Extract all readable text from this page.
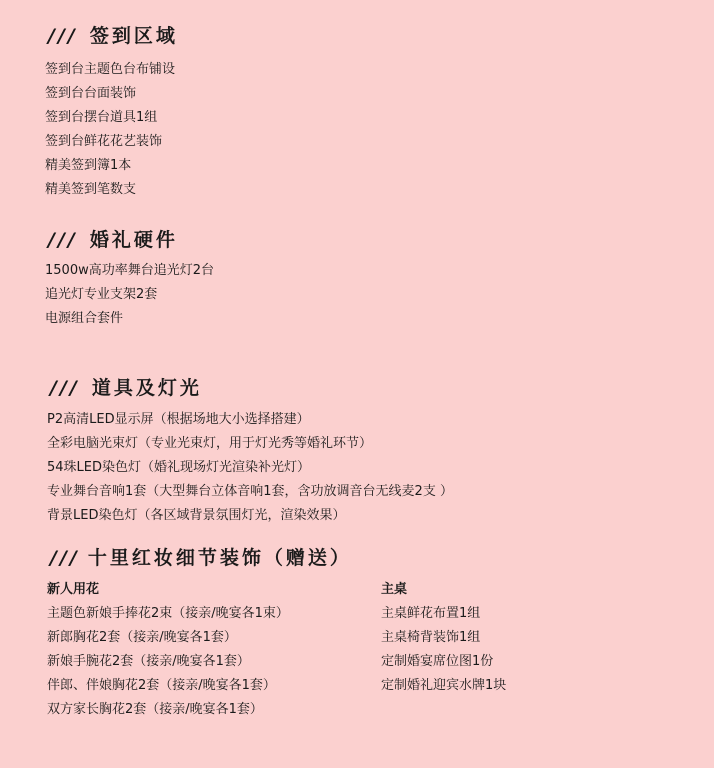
/// 签到区域
签到台主题色台布铺设
签到台台面装饰
签到台摆台道具1组
签到台鲜花花艺装饰
精美签到簿1本
精美签到笔数支
/// 婚礼硬件
1500w高功率舞台追光灯2台
追光灯专业支架2套
电源组合套件
/// 道具及灯光
P2高清LED显示屏（根据场地大小选择搭建）
全彩电脑光束灯（专业光束灯，用于灯光秀等婚礼环节）
54珠LED染色灯（婚礼现场灯光渲染补光灯）
专业舞台音响1套（大型舞台立体音响1套，含功放调音台无线麦2支 ）
背景LED染色灯（各区域背景氛围灯光，渲染效果）
/// 十里红妆细节装饰（赠送）
新人用花
主题色新娘手捧花2束（接亲/晚宴各1束）
新郎胸花2套（接亲/晚宴各1套）
新娘手腕花2套（接亲/晚宴各1套）
伴郎、伴娘胸花2套（接亲/晚宴各1套）
双方家长胸花2套（接亲/晚宴各1套）
主桌
主桌鲜花布置1组
主桌椅背装饰1组
定制婚宴席位图1份
定制婚礼迎宾水牌1块
